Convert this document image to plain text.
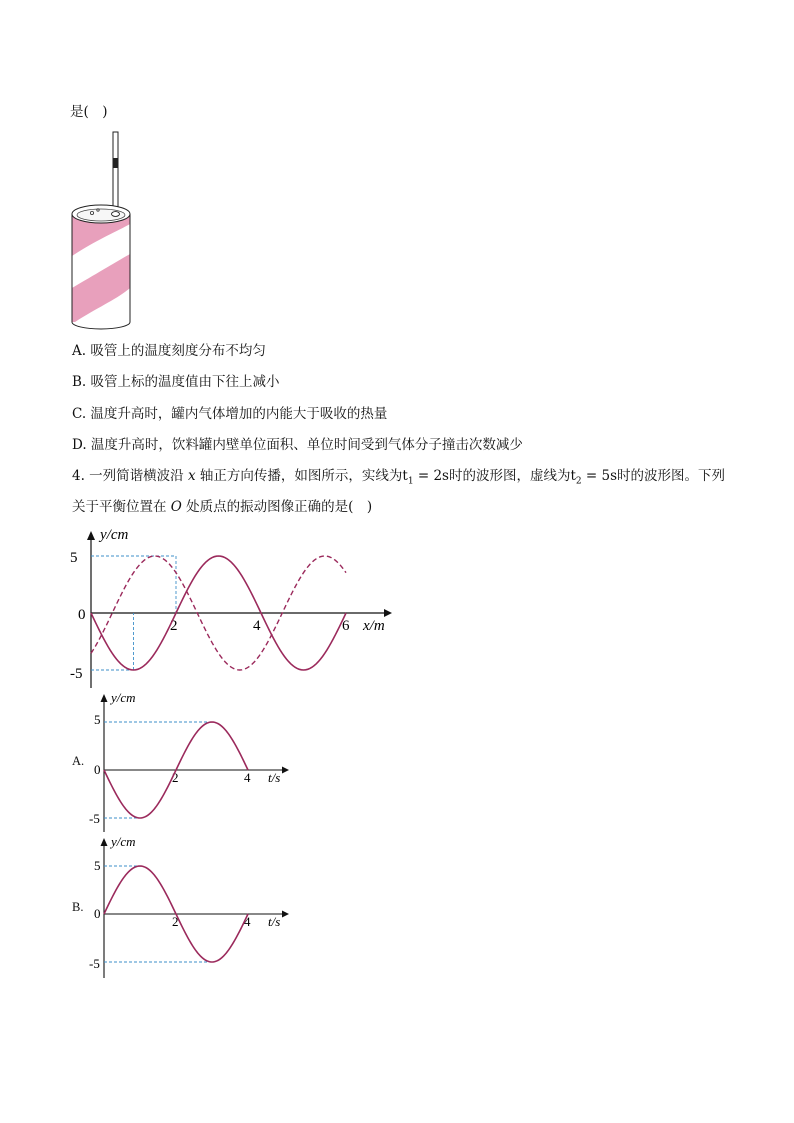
是(　)
A. 吸管上的温度刻度分布不均匀
B. 吸管上标的温度值由下往上减小
C. 温度升高时，罐内气体增加的内能大于吸收的热量
D. 温度升高时，饮料罐内壁单位面积、单位时间受到气体分子撞击次数减少
4. 一列简谐横波沿 x 轴正方向传播，如图所示，实线为$t_1 = 2s$时的波形图，虚线为$t_2 = 5s$时的波形图。下列
关于平衡位置在 O 处质点的振动图像正确的是(　)
y/cm
x/m
5
0
-5
2	4	6
A.
y/cm
t/s
5
0
-5
2	4
B.
y/cm
t/s
5
0
-5
2	4
